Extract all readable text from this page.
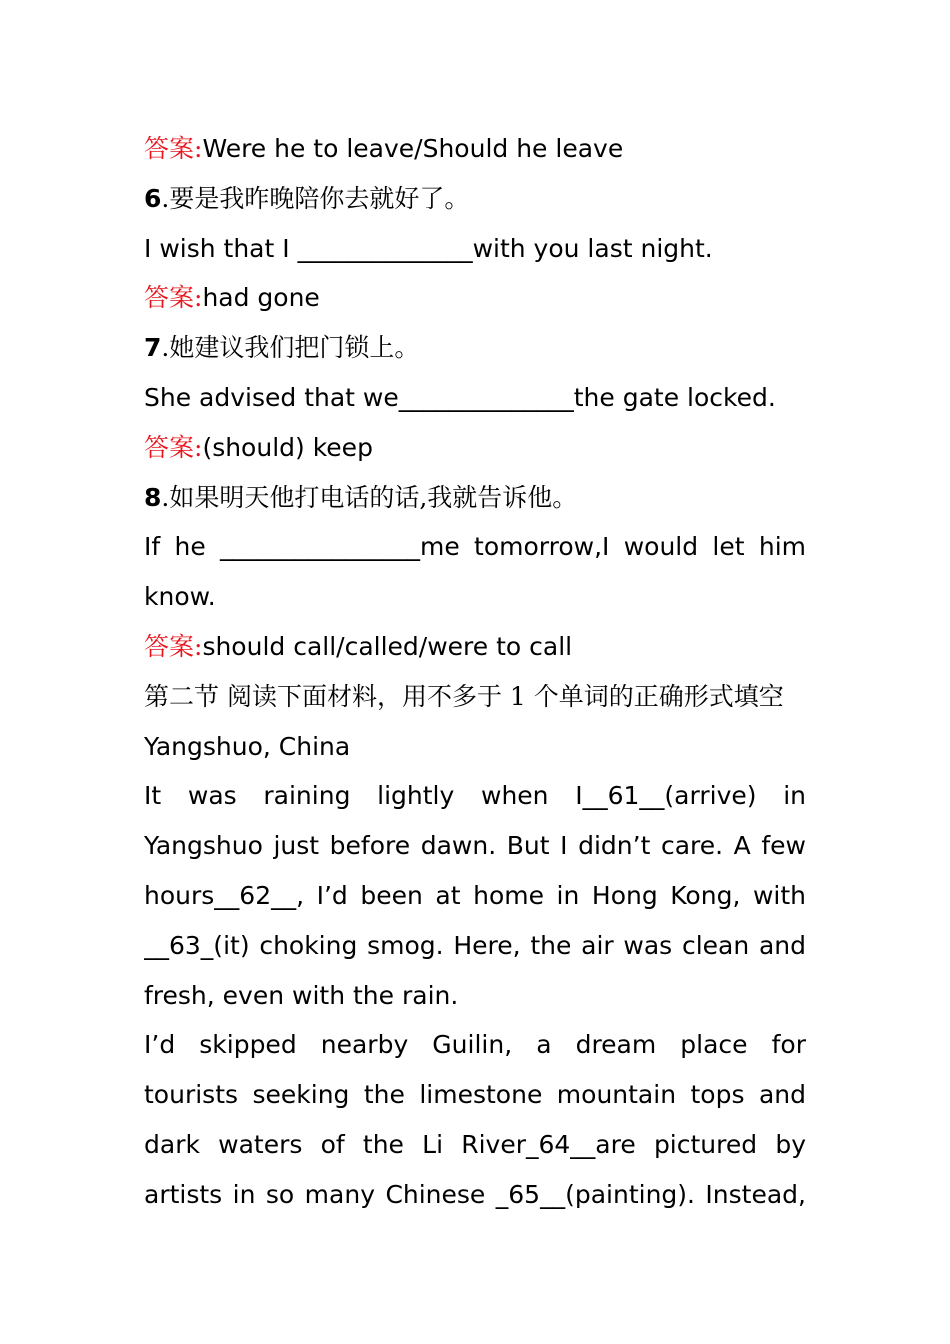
答案:Were he to leave/Should he leave
6.要是我昨晚陪你去就好了。
I wish that I ______________with you last night.
答案:had gone
7.她建议我们把门锁上。
She advised that we______________the gate locked.
答案:(should) keep
8.如果明天他打电话的话,我就告诉他。
If he ________________me tomorrow,I would let him
know.
答案:should call/called/were to call
第二节 阅读下面材料，用不多于 1 个单词的正确形式填空
Yangshuo, China
It was raining lightly when I__61__(arrive) in
Yangshuo just before dawn. But I didn’t care. A few
hours__62__, I’d been at home in Hong Kong, with
__63_(it) choking smog. Here, the air was clean and
fresh, even with the rain.
I’d skipped nearby Guilin, a dream place for
tourists seeking the limestone mountain tops and
dark waters of the Li River_64__are pictured by
artists in so many Chinese _65__(painting). Instead,
